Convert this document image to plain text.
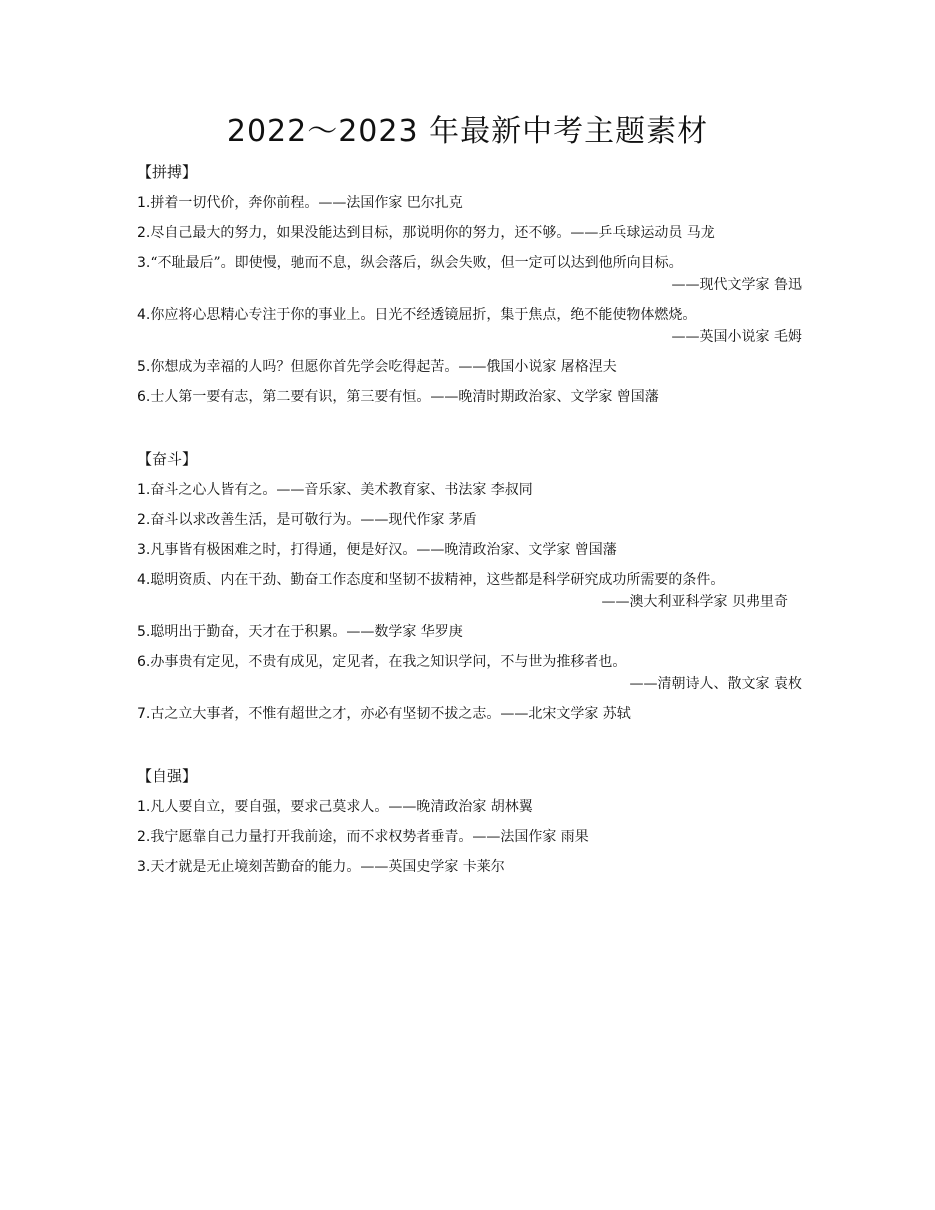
2022～2023 年最新中考主题素材
【拼搏】
1.拼着一切代价，奔你前程。——法国作家 巴尔扎克
2.尽自己最大的努力，如果没能达到目标，那说明你的努力，还不够。——乒乓球运动员 马龙
3.“不耻最后”。即使慢，驰而不息，纵会落后，纵会失败，但一定可以达到他所向目标。
——现代文学家 鲁迅
4.你应将心思精心专注于你的事业上。日光不经透镜屈折，集于焦点，绝不能使物体燃烧。
——英国小说家 毛姆
5.你想成为幸福的人吗？但愿你首先学会吃得起苦。——俄国小说家 屠格涅夫
6.士人第一要有志，第二要有识，第三要有恒。——晚清时期政治家、文学家 曾国藩
【奋斗】
1.奋斗之心人皆有之。——音乐家、美术教育家、书法家 李叔同
2.奋斗以求改善生活，是可敬行为。——现代作家 茅盾
3.凡事皆有极困难之时，打得通，便是好汉。——晚清政治家、文学家 曾国藩
4.聪明资质、内在干劲、勤奋工作态度和坚韧不拔精神，这些都是科学研究成功所需要的条件。
——澳大利亚科学家 贝弗里奇
5.聪明出于勤奋，天才在于积累。——数学家 华罗庚
6.办事贵有定见，不贵有成见，定见者，在我之知识学问，不与世为推移者也。
——清朝诗人、散文家 袁枚
7.古之立大事者，不惟有超世之才，亦必有坚韧不拔之志。——北宋文学家 苏轼
【自强】
1.凡人要自立，要自强，要求己莫求人。——晚清政治家 胡林翼
2.我宁愿靠自己力量打开我前途，而不求权势者垂青。——法国作家 雨果
3.天才就是无止境刻苦勤奋的能力。——英国史学家 卡莱尔
